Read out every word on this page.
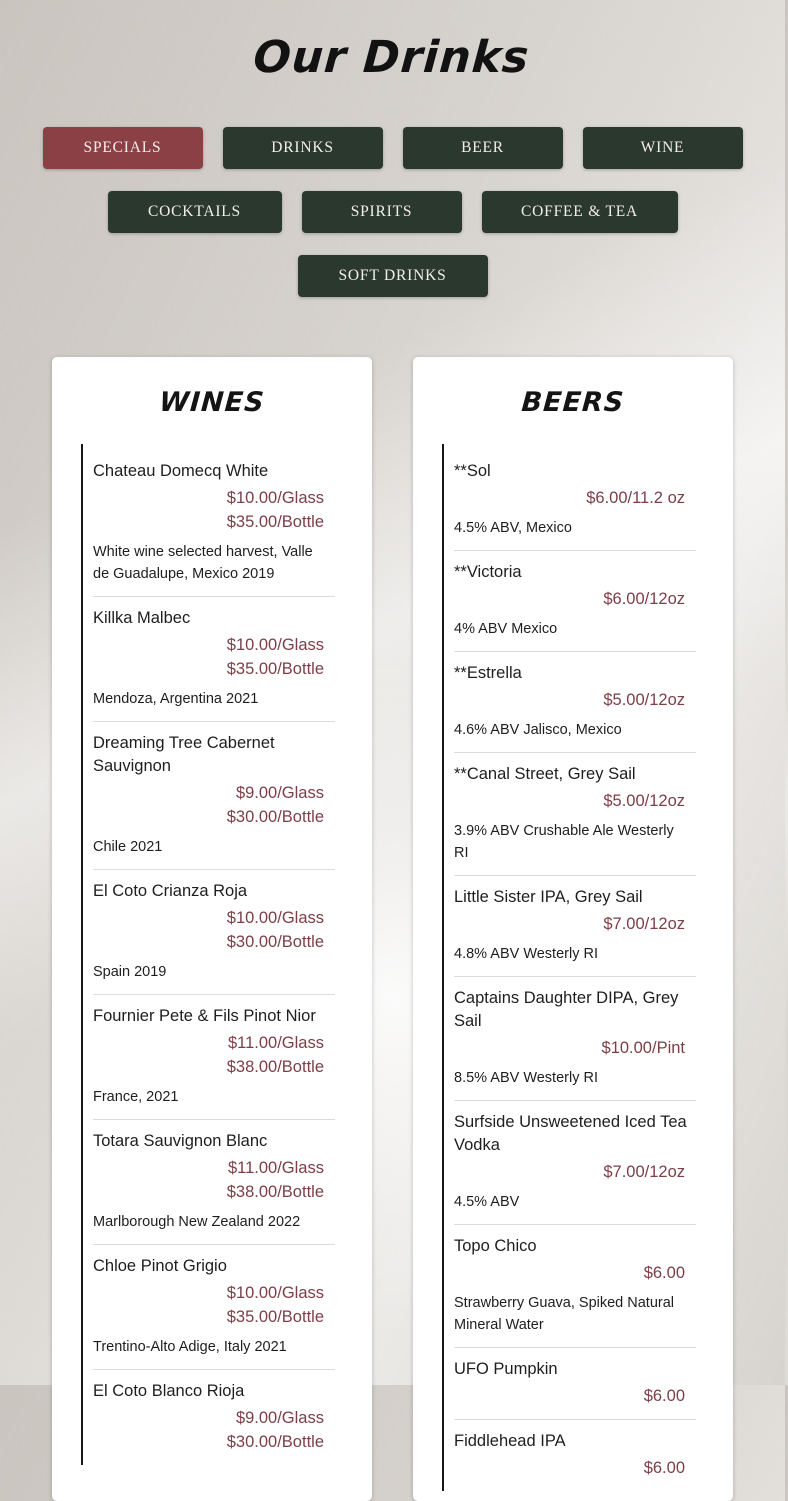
Our Drinks
SPECIALS	DRINKS	BEER	WINE
COCKTAILS	SPIRITS	COFFEE & TEA
SOFT DRINKS
WINES
Chateau Domecq White
$10.00/Glass
$35.00/Bottle
White wine selected harvest, Valle de Guadalupe, Mexico 2019
Killka Malbec
$10.00/Glass
$35.00/Bottle
Mendoza, Argentina 2021
Dreaming Tree Cabernet Sauvignon
$9.00/Glass
$30.00/Bottle
Chile 2021
El Coto Crianza Roja
$10.00/Glass
$30.00/Bottle
Spain 2019
Fournier Pete & Fils Pinot Nior
$11.00/Glass
$38.00/Bottle
France, 2021
Totara Sauvignon Blanc
$11.00/Glass
$38.00/Bottle
Marlborough New Zealand 2022
Chloe Pinot Grigio
$10.00/Glass
$35.00/Bottle
Trentino-Alto Adige, Italy 2021
El Coto Blanco Rioja
$9.00/Glass
$30.00/Bottle
BEERS
**Sol
$6.00/11.2 oz
4.5% ABV, Mexico
**Victoria
$6.00/12oz
4% ABV Mexico
**Estrella
$5.00/12oz
4.6% ABV Jalisco, Mexico
**Canal Street, Grey Sail
$5.00/12oz
3.9% ABV Crushable Ale Westerly RI
Little Sister IPA, Grey Sail
$7.00/12oz
4.8% ABV Westerly RI
Captains Daughter DIPA, Grey Sail
$10.00/Pint
8.5% ABV Westerly RI
Surfside Unsweetened Iced Tea Vodka
$7.00/12oz
4.5% ABV
Topo Chico
$6.00
Strawberry Guava, Spiked Natural Mineral Water
UFO Pumpkin
$6.00
Fiddlehead IPA
$6.00
